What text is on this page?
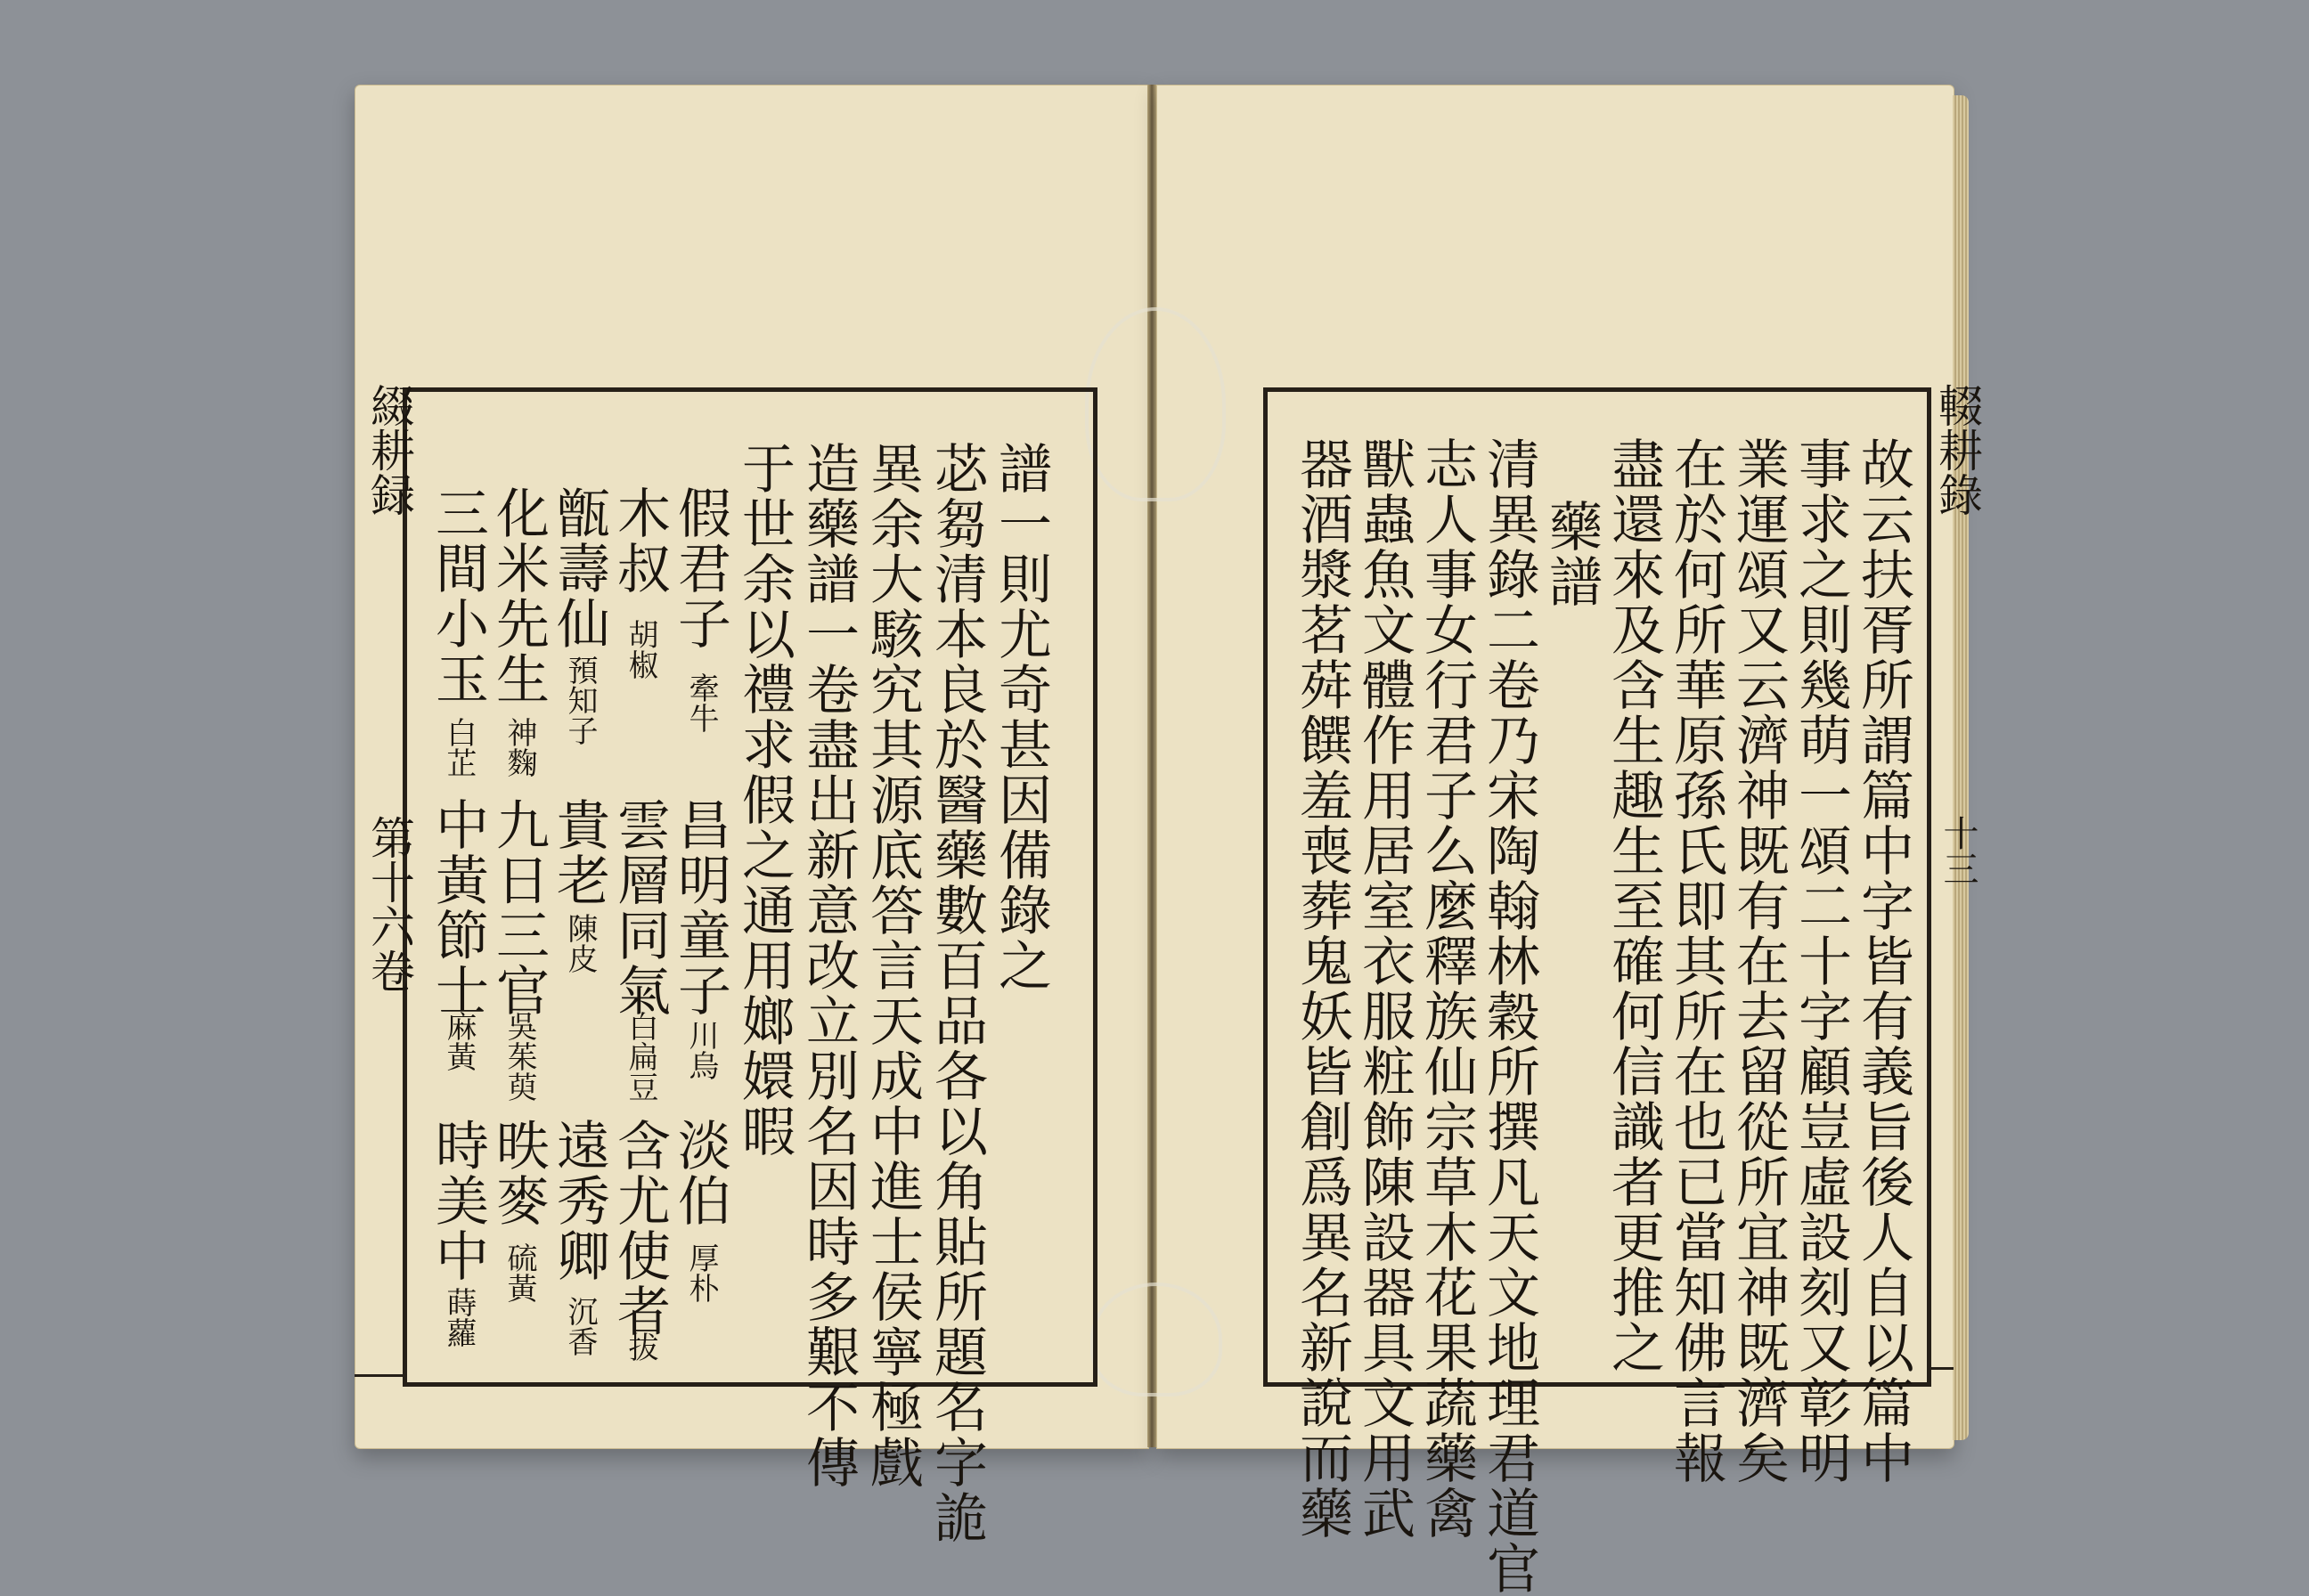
綴耕録
第十六卷	譜一則尤奇甚因備錄之
苾芻清本良於醫藥數百品各以角貼所題名字詭
異余大駭究其源底答言天成中進士侯寧極戲
造藥譜一卷盡出新意改立別名因時多艱不傳
于世余以禮求假之通用嫏嬛暇
假君子
牽牛
昌明童子
川烏
淡伯
厚朴
木叔
胡椒
雲層同氣
白扁豆
含尤使者
拔
甑壽仙
預知子
貴老
陳皮
遠秀卿
沉香
化米先生
神麴
九日三官
吳茱萸
昳麥
硫黃
三間小玉
白芷
中黃節士
麻黃
時美中
蒔蘿
輟耕錄
十三
故云扶胥所謂篇中字皆有義旨後人自以篇中
事求之則幾萌一頌二十字顧豈虛設刻又彰明
業運頌又云濟神既有在去留從所宜神既濟矣
在於何所華原孫氏即其所在也已當知佛言報
盡還來及含生趣生至確何信識者更推之
藥譜
清異錄二卷乃宋陶翰林穀所撰凡天文地理君道官
志人事女行君子么麼釋族仙宗草木花果蔬藥禽
獸蟲魚文體作用居室衣服粧飾陳設器具文用武
器酒漿茗荈饌羞喪葬鬼妖皆創爲異名新說而藥
